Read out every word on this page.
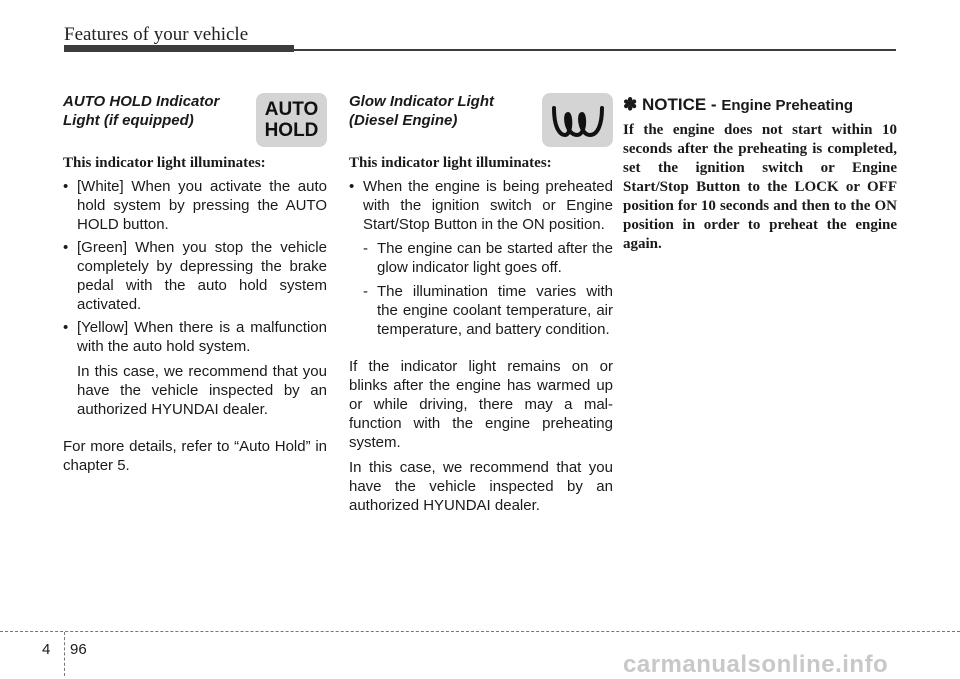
Features of your vehicle
AUTO HOLD Indicator
Light (if equipped)
AUTO
HOLD
This indicator light illuminates:
• [White] When you activate the auto hold system by pressing the AUTO HOLD button.
• [Green] When you stop the vehicle completely by depressing the brake pedal with the auto hold system activated.
• [Yellow] When there is a malfunction with the auto hold system.
In this case, we recommend that you have the vehicle inspected by an authorized HYUNDAI dealer.
For more details, refer to “Auto Hold” in chapter 5.
Glow Indicator Light
(Diesel Engine)
This indicator light illuminates:
• When the engine is being preheated with the ignition switch or Engine Start/Stop Button in the ON position.
- The engine can be started after the glow indicator light goes off.
- The illumination time varies with the engine coolant temperature, air temperature, and battery condition.
If the indicator light remains on or blinks after the engine has warmed up or while driving, there may a malfunction with the engine preheating system.
In this case, we recommend that you have the vehicle inspected by an authorized HYUNDAI dealer.
✽ NOTICE - Engine Preheating
If the engine does not start within 10 seconds after the preheating is completed, set the ignition switch or Engine Start/Stop Button to the LOCK or OFF position for 10 seconds and then to the ON position in order to preheat the engine again.
4 96
carmanualsonline.info
